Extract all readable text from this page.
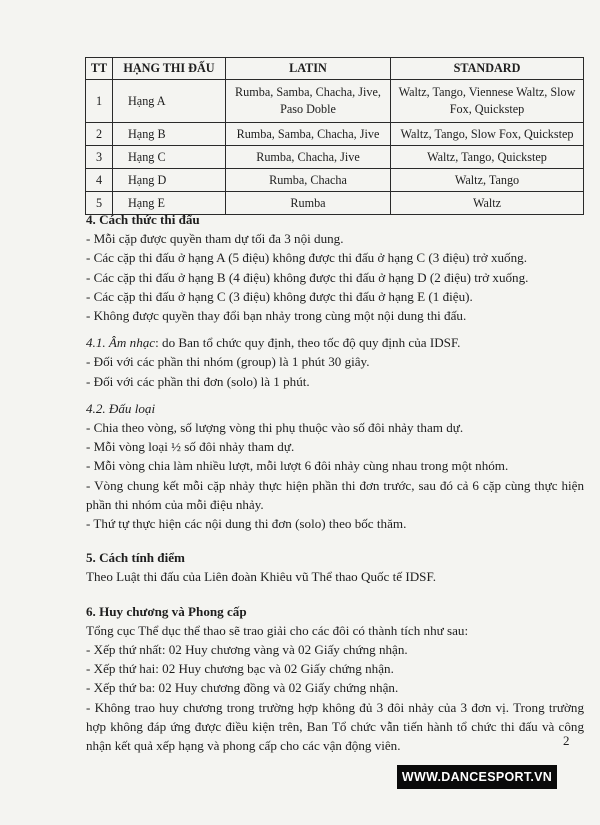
TT	HẠNG THI ĐẤU	LATIN	STANDARD
1	Hạng A	Rumba, Samba, Chacha, Jive, Paso Doble	Waltz, Tango, Viennese Waltz, Slow Fox, Quickstep
2	Hạng B	Rumba, Samba, Chacha, Jive	Waltz, Tango, Slow Fox, Quickstep
3	Hạng C	Rumba, Chacha, Jive	Waltz, Tango, Quickstep
4	Hạng D	Rumba, Chacha	Waltz, Tango
5	Hạng E	Rumba	Waltz

4. Cách thức thi đấu

- Mỗi cặp được quyền tham dự tối đa 3 nội dung.

- Các cặp thi đấu ở hạng A (5 điệu) không được thi đấu ở hạng C (3 điệu) trở xuống.

- Các cặp thi đấu ở hạng B (4 điệu) không được thi đấu ở hạng D (2 điệu) trở xuống.

- Các cặp thi đấu ở hạng C (3 điệu) không được thi đấu ở hạng E (1 điệu).

- Không được quyền thay đổi bạn nhảy trong cùng một nội dung thi đấu.

4.1. Âm nhạc: do Ban tổ chức quy định, theo tốc độ quy định của IDSF.

- Đối với các phần thi nhóm (group) là 1 phút 30 giây.

- Đối với các phần thi đơn (solo) là 1 phút.

4.2. Đấu loại

- Chia theo vòng, số lượng vòng thi phụ thuộc vào số đôi nhảy tham dự.

- Mỗi vòng loại ½ số đôi nhảy tham dự.

- Mỗi vòng chia làm nhiều lượt, mỗi lượt 6 đôi nhảy cùng nhau trong một nhóm.

- Vòng chung kết mỗi cặp nhảy thực hiện phần thi đơn trước, sau đó cả 6 cặp cùng thực hiện phần thi nhóm của mỗi điệu nhảy.

- Thứ tự thực hiện các nội dung thi đơn (solo) theo bốc thăm.

5. Cách tính điểm

Theo Luật thi đấu của Liên đoàn Khiêu vũ Thể thao Quốc tế IDSF.

6. Huy chương và Phong cấp

Tổng cục Thể dục thể thao sẽ trao giải cho các đôi có thành tích như sau:

- Xếp thứ nhất: 02 Huy chương vàng và 02 Giấy chứng nhận.

- Xếp thứ hai: 02 Huy chương bạc và 02 Giấy chứng nhận.

- Xếp thứ ba: 02 Huy chương đồng và 02 Giấy chứng nhận.

- Không trao huy chương trong trường hợp không đủ 3 đôi nhảy của 3 đơn vị. Trong trường hợp không đáp ứng được điều kiện trên, Ban Tổ chức vẫn tiến hành tổ chức thi đấu và công nhận kết quả xếp hạng và phong cấp cho các vận động viên.	2
WWW.DANCESPORT.VN
